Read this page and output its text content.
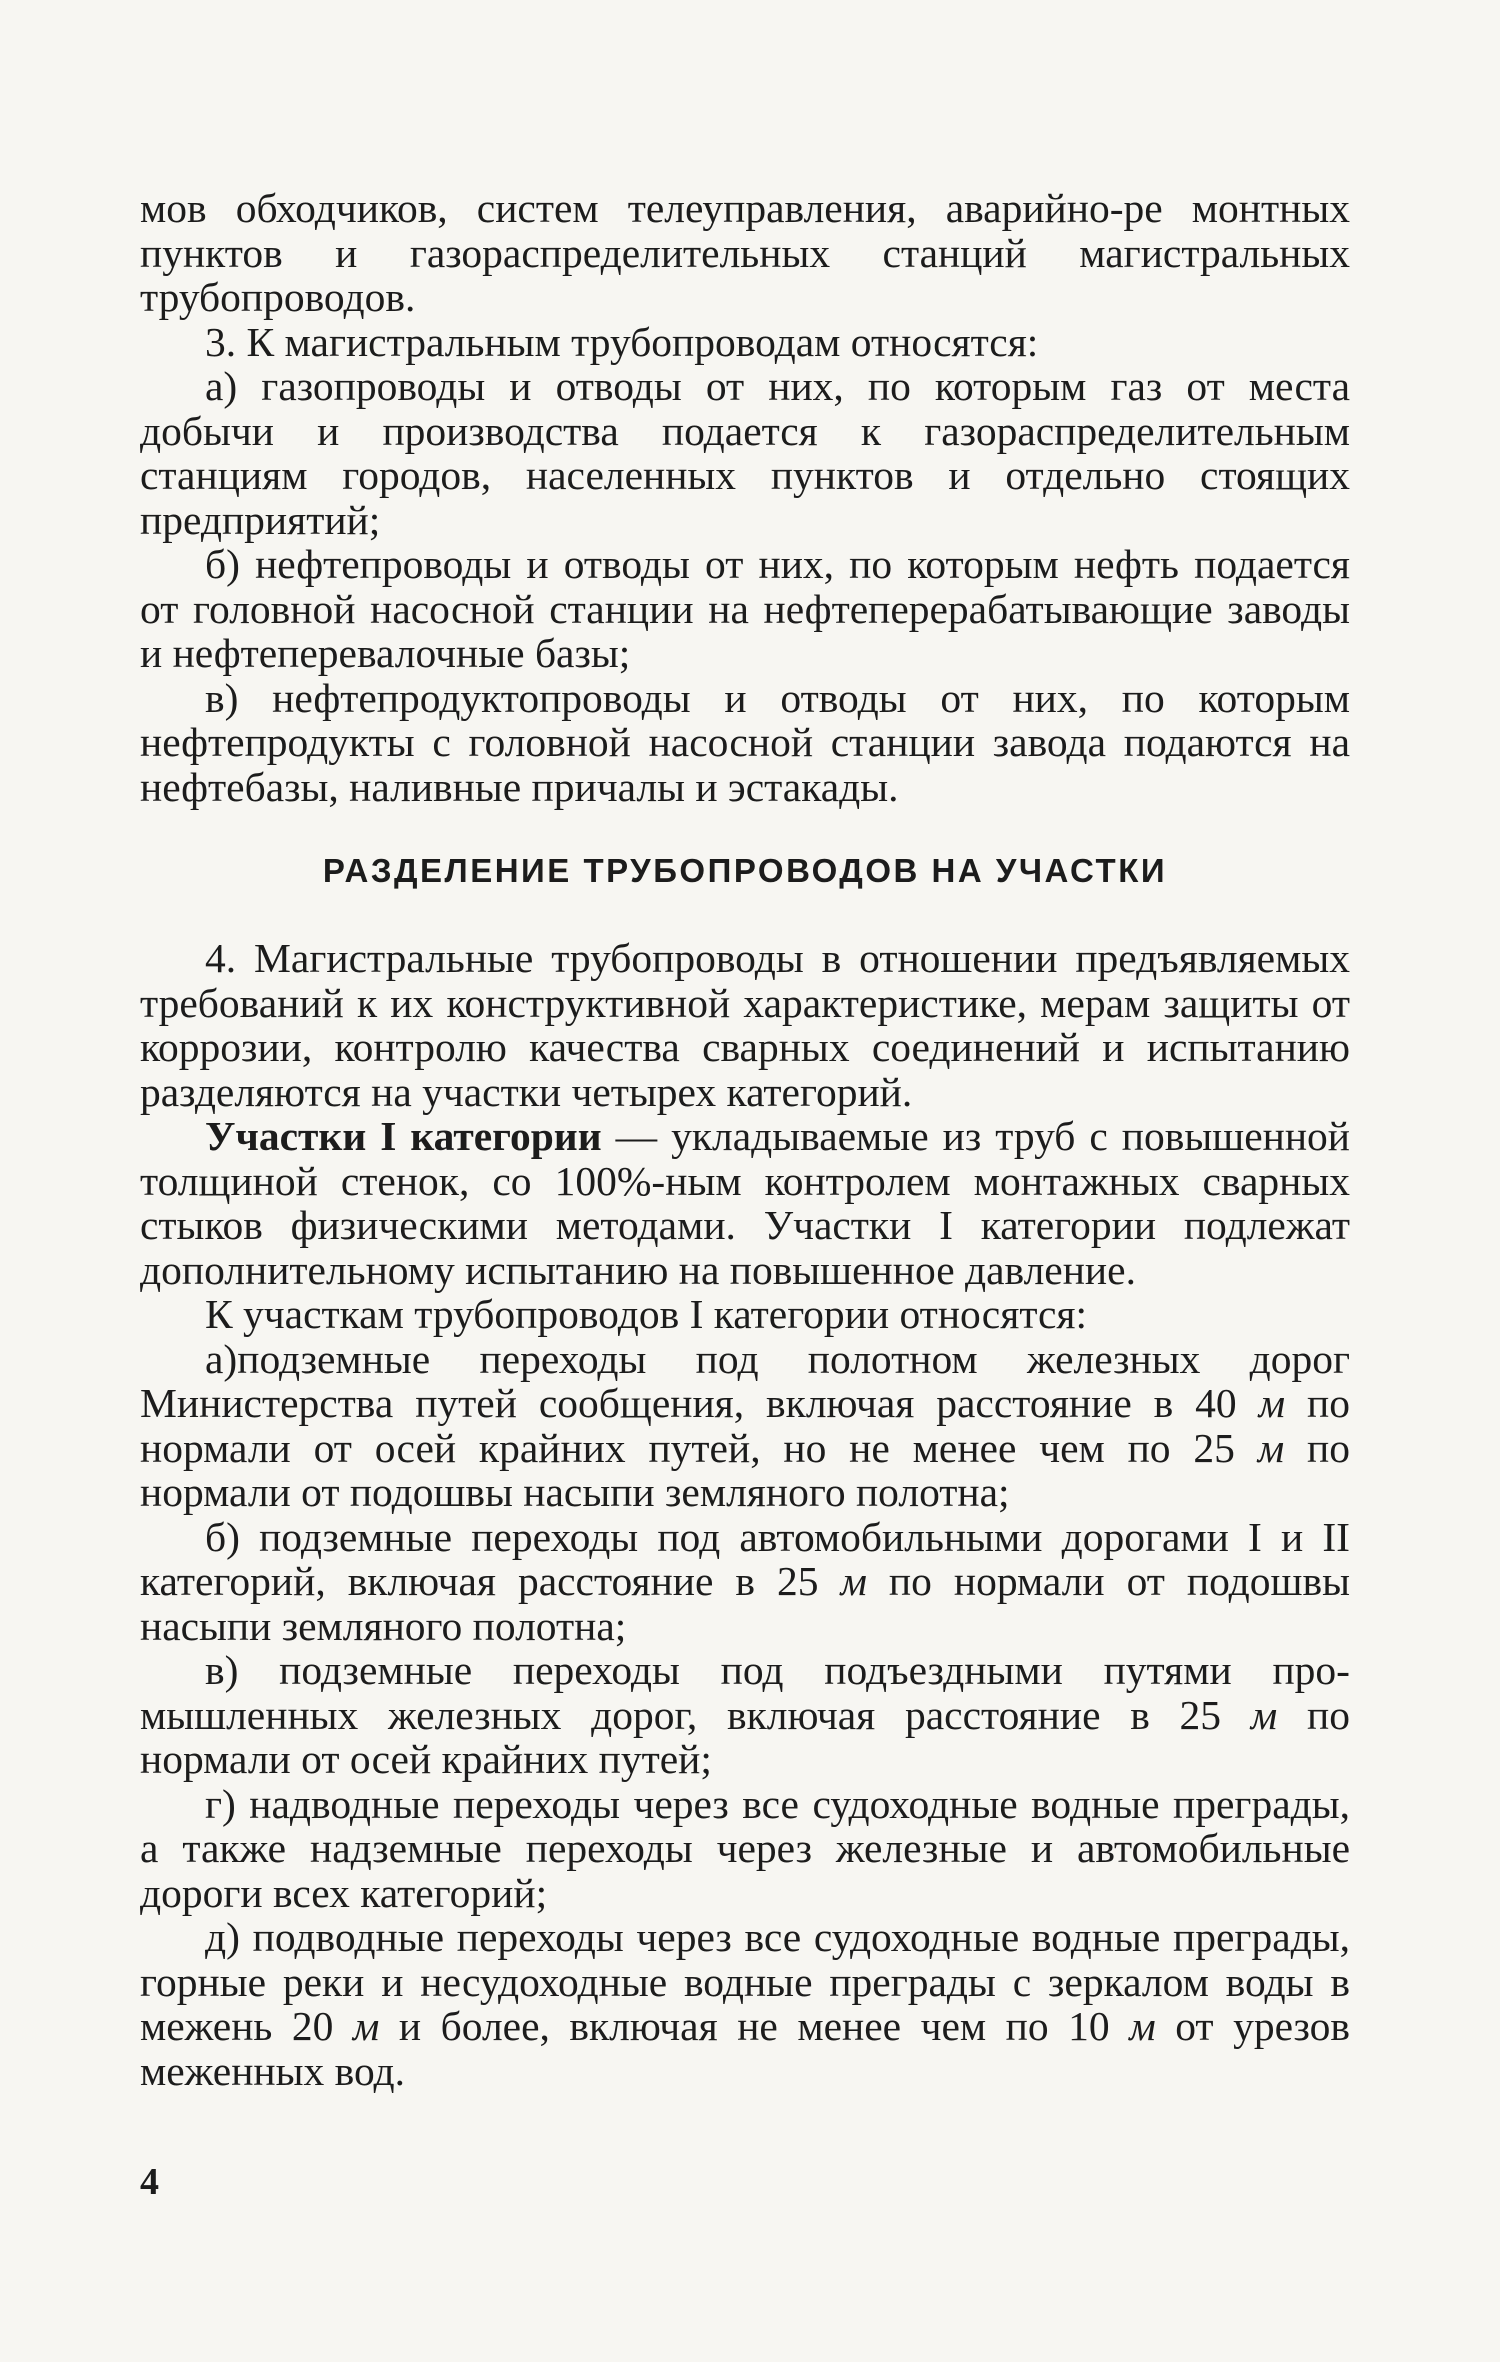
мов обходчиков, систем телеуправления, аварийно-ре монтных пунктов и газораспределительных станций магистральных трубопроводов.

3. К магистральным трубопроводам относятся:

а) газопроводы и отводы от них, по которым газ от места добычи и производства подается к газораспределительным станциям городов, населенных пунктов и отдельно стоящих предприятий;

б) нефтепроводы и отводы от них, по которым нефть подается от головной насосной станции на нефтеперерабатывающие заводы и нефтеперевалочные базы;

в) нефтепродуктопроводы и отводы от них, по которым нефтепродукты с головной насосной станции завода подаются на нефтебазы, наливные причалы и эстакады.

РАЗДЕЛЕНИЕ ТРУБОПРОВОДОВ НА УЧАСТКИ

4. Магистральные трубопроводы в отношении предъявляемых требований к их конструктивной характеристике, мерам защиты от коррозии, контролю качества сварных соединений и испытанию разделяются на участки четырех категорий.

Участки I категории — укладываемые из труб с повышенной толщиной стенок, со 100%-ным контролем монтажных сварных стыков физическими методами. Участки I категории подлежат дополнительному испытанию на повышенное давление.

К участкам трубопроводов I категории относятся:

а)подземные переходы под полотном железных дорог Министерства путей сообщения, включая расстояние в 40 м по нормали от осей крайних путей, но не менее чем по 25 м по нормали от подошвы насыпи земляного полотна;

б) подземные переходы под автомобильными дорогами I и II категорий, включая расстояние в 25 м по нормали от подошвы насыпи земляного полотна;

в) подземные переходы под подъездными путями промышленных железных дорог, включая расстояние в 25 м по нормали от осей крайних путей;

г) надводные переходы через все судоходные водные преграды, а также надземные переходы через железные и автомобильные дороги всех категорий;

д) подводные переходы через все судоходные водные преграды, горные реки и несудоходные водные преграды с зеркалом воды в межень 20 м и более, включая не менее чем по 10 м от урезов меженных вод.

4
